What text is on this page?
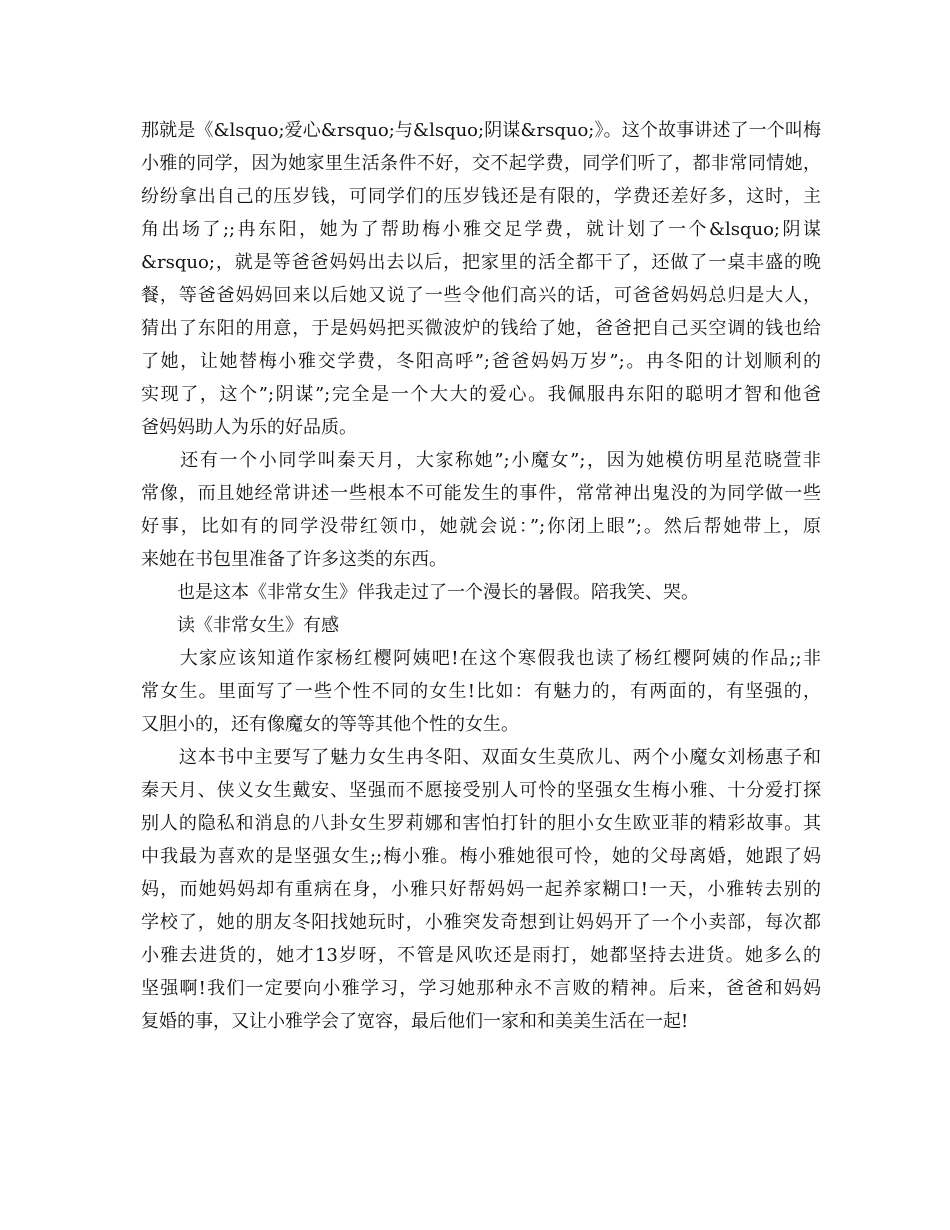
那就是《&lsquo;爱心&rsquo;与&lsquo;阴谋&rsquo;》。这个故事讲述了一个叫梅
小雅的同学，因为她家里生活条件不好，交不起学费，同学们听了，都非常同情她，
纷纷拿出自己的压岁钱，可同学们的压岁钱还是有限的，学费还差好多，这时，主
角出场了;;冉东阳，她为了帮助梅小雅交足学费，就计划了一个&lsquo;阴谋
&rsquo;，就是等爸爸妈妈出去以后，把家里的活全都干了，还做了一桌丰盛的晚
餐，等爸爸妈妈回来以后她又说了一些令他们高兴的话，可爸爸妈妈总归是大人，
猜出了东阳的用意，于是妈妈把买微波炉的钱给了她，爸爸把自己买空调的钱也给
了她，让她替梅小雅交学费，冬阳高呼”;爸爸妈妈万岁”;。冉冬阳的计划顺利的
实现了，这个”;阴谋”;完全是一个大大的爱心。我佩服冉东阳的聪明才智和他爸
爸妈妈助人为乐的好品质。
　　还有一个小同学叫秦天月，大家称她”;小魔女”;，因为她模仿明星范晓萱非
常像，而且她经常讲述一些根本不可能发生的事件，常常神出鬼没的为同学做一些
好事，比如有的同学没带红领巾，她就会说：”;你闭上眼”;。然后帮她带上，原
来她在书包里准备了许多这类的东西。
　　也是这本《非常女生》伴我走过了一个漫长的暑假。陪我笑、哭。
　　读《非常女生》有感
　　大家应该知道作家杨红樱阿姨吧!在这个寒假我也读了杨红樱阿姨的作品;;非
常女生。里面写了一些个性不同的女生!比如：有魅力的，有两面的，有坚强的，
又胆小的，还有像魔女的等等其他个性的女生。
　　这本书中主要写了魅力女生冉冬阳、双面女生莫欣儿、两个小魔女刘杨惠子和
秦天月、侠义女生戴安、坚强而不愿接受别人可怜的坚强女生梅小雅、十分爱打探
别人的隐私和消息的八卦女生罗莉娜和害怕打针的胆小女生欧亚菲的精彩故事。其
中我最为喜欢的是坚强女生;;梅小雅。梅小雅她很可怜，她的父母离婚，她跟了妈
妈，而她妈妈却有重病在身，小雅只好帮妈妈一起养家糊口!一天，小雅转去别的
学校了，她的朋友冬阳找她玩时，小雅突发奇想到让妈妈开了一个小卖部，每次都
小雅去进货的，她才13岁呀，不管是风吹还是雨打，她都坚持去进货。她多么的
坚强啊!我们一定要向小雅学习，学习她那种永不言败的精神。后来，爸爸和妈妈
复婚的事，又让小雅学会了宽容，最后他们一家和和美美生活在一起!
